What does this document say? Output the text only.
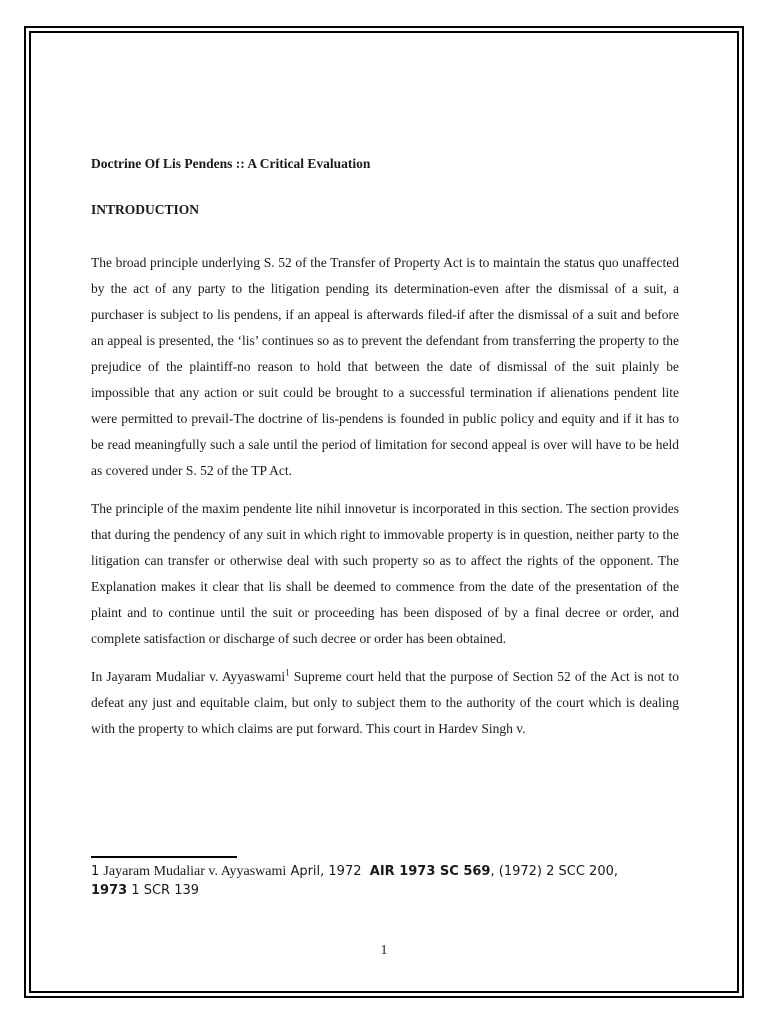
Doctrine Of Lis Pendens :: A Critical Evaluation

INTRODUCTION

The broad principle underlying S. 52 of the Transfer of Property Act is to maintain the status quo unaffected by the act of any party to the litigation pending its determination-even after the dismissal of a suit, a purchaser is subject to lis pendens, if an appeal is afterwards filed-if after the dismissal of a suit and before an appeal is presented, the ‘lis’ continues so as to prevent the defendant from transferring the property to the prejudice of the plaintiff-no reason to hold that between the date of dismissal of the suit plainly be impossible that any action or suit could be brought to a successful termination if alienations pendent lite were permitted to prevail-The doctrine of lis-pendens is founded in public policy and equity and if it has to be read meaningfully such a sale until the period of limitation for second appeal is over will have to be held as covered under S. 52 of the TP Act.

The principle of the maxim pendente lite nihil innovetur is incorporated in this section. The section provides that during the pendency of any suit in which right to immovable property is in question, neither party to the litigation can transfer or otherwise deal with such property so as to affect the rights of the opponent. The Explanation makes it clear that lis shall be deemed to commence from the date of the presentation of the plaint and to continue until the suit or proceeding has been disposed of by a final decree or order, and complete satisfaction or discharge of such decree or order has been obtained.

In Jayaram Mudaliar v. Ayyaswami$^1$ Supreme court held that the purpose of Section 52 of the Act is not to defeat any just and equitable claim, but only to subject them to the authority of the court which is dealing with the property to which claims are put forward. This court in Hardev Singh v.

1 Jayaram Mudaliar v. Ayyaswami April, 1972 AIR 1973 SC 569, (1972) 2 SCC 200,
1973 1 SCR 139
1
